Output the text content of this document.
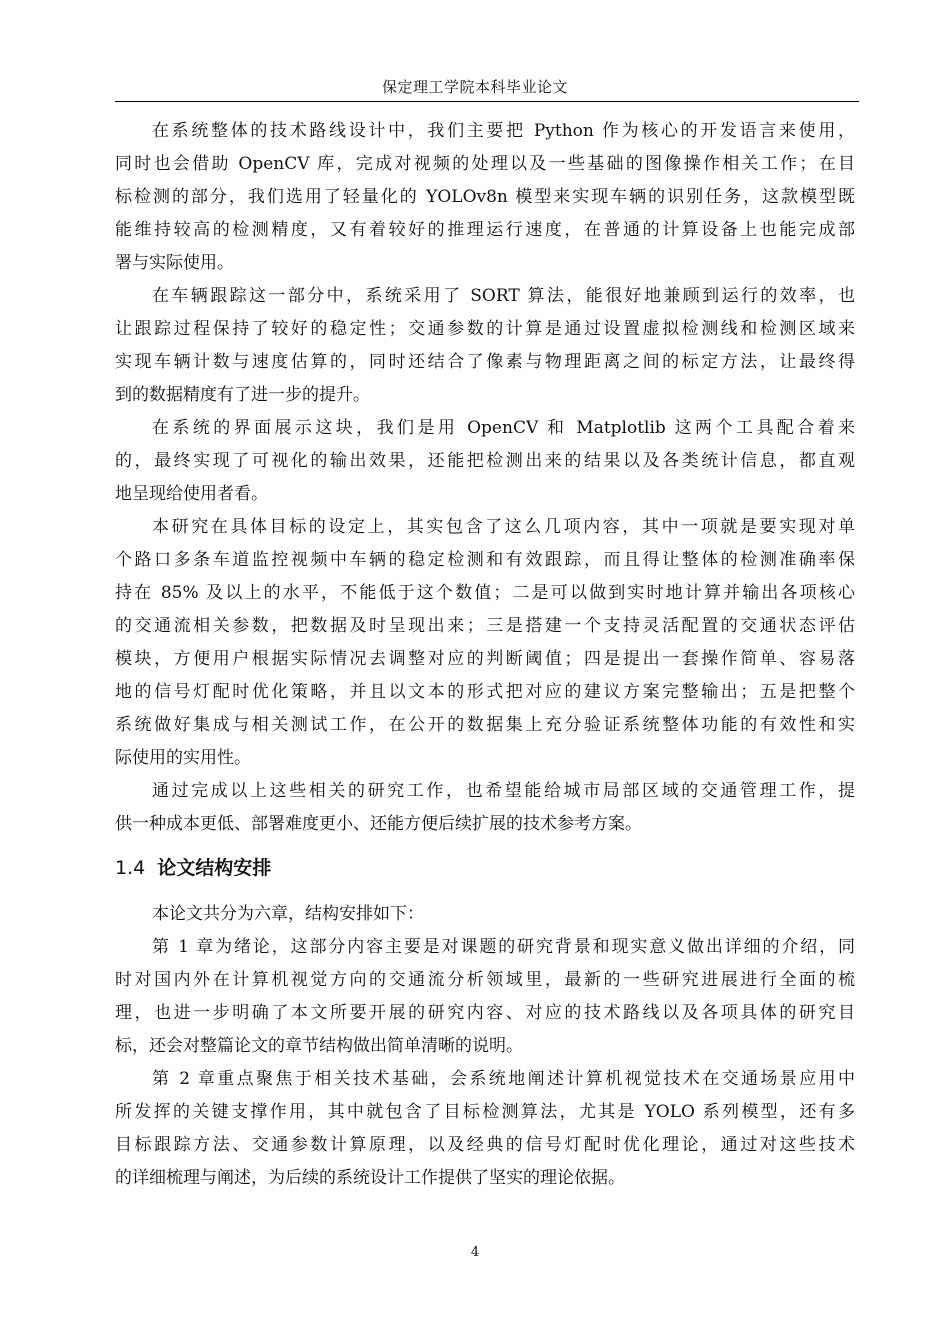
保定理工学院本科毕业论文
在系统整体的技术路线设计中，我们主要把 Python 作为核心的开发语言来使用，
同时也会借助 OpenCV 库，完成对视频的处理以及一些基础的图像操作相关工作；在目
标检测的部分，我们选用了轻量化的 YOLOv8n 模型来实现车辆的识别任务，这款模型既
能维持较高的检测精度，又有着较好的推理运行速度，在普通的计算设备上也能完成部
署与实际使用。
在车辆跟踪这一部分中，系统采用了 SORT 算法，能很好地兼顾到运行的效率，也
让跟踪过程保持了较好的稳定性；交通参数的计算是通过设置虚拟检测线和检测区域来
实现车辆计数与速度估算的，同时还结合了像素与物理距离之间的标定方法，让最终得
到的数据精度有了进一步的提升。
在系统的界面展示这块，我们是用 OpenCV 和 Matplotlib 这两个工具配合着来
的，最终实现了可视化的输出效果，还能把检测出来的结果以及各类统计信息，都直观
地呈现给使用者看。
本研究在具体目标的设定上，其实包含了这么几项内容，其中一项就是要实现对单
个路口多条车道监控视频中车辆的稳定检测和有效跟踪，而且得让整体的检测准确率保
持在 85% 及以上的水平，不能低于这个数值；二是可以做到实时地计算并输出各项核心
的交通流相关参数，把数据及时呈现出来；三是搭建一个支持灵活配置的交通状态评估
模块，方便用户根据实际情况去调整对应的判断阈值；四是提出一套操作简单、容易落
地的信号灯配时优化策略，并且以文本的形式把对应的建议方案完整输出；五是把整个
系统做好集成与相关测试工作，在公开的数据集上充分验证系统整体功能的有效性和实
际使用的实用性。
通过完成以上这些相关的研究工作，也希望能给城市局部区域的交通管理工作，提
供一种成本更低、部署难度更小、还能方便后续扩展的技术参考方案。
1.4 论文结构安排
本论文共分为六章，结构安排如下：
第 1 章为绪论，这部分内容主要是对课题的研究背景和现实意义做出详细的介绍，同
时对国内外在计算机视觉方向的交通流分析领域里，最新的一些研究进展进行全面的梳
理，也进一步明确了本文所要开展的研究内容、对应的技术路线以及各项具体的研究目
标，还会对整篇论文的章节结构做出简单清晰的说明。
第 2 章重点聚焦于相关技术基础，会系统地阐述计算机视觉技术在交通场景应用中
所发挥的关键支撑作用，其中就包含了目标检测算法，尤其是 YOLO 系列模型，还有多
目标跟踪方法、交通参数计算原理，以及经典的信号灯配时优化理论，通过对这些技术
的详细梳理与阐述，为后续的系统设计工作提供了坚实的理论依据。
4
